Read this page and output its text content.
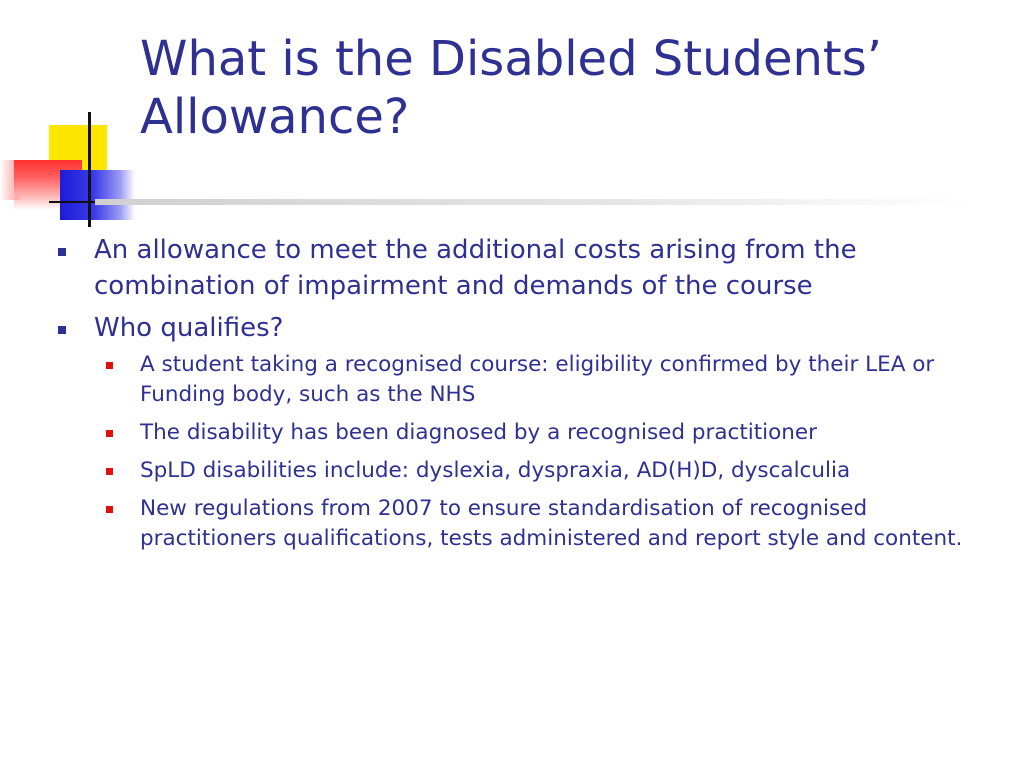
What is the Disabled Students’ Allowance?
An allowance to meet the additional costs arising from the combination of impairment and demands of the course
Who qualifies?
A student taking a recognised course: eligibility confirmed by their LEA or Funding body, such as the NHS
The disability has been diagnosed by a recognised practitioner
SpLD disabilities include: dyslexia, dyspraxia, AD(H)D, dyscalculia
New regulations from 2007 to ensure standardisation of recognised practitioners qualifications, tests administered and report style and content.
